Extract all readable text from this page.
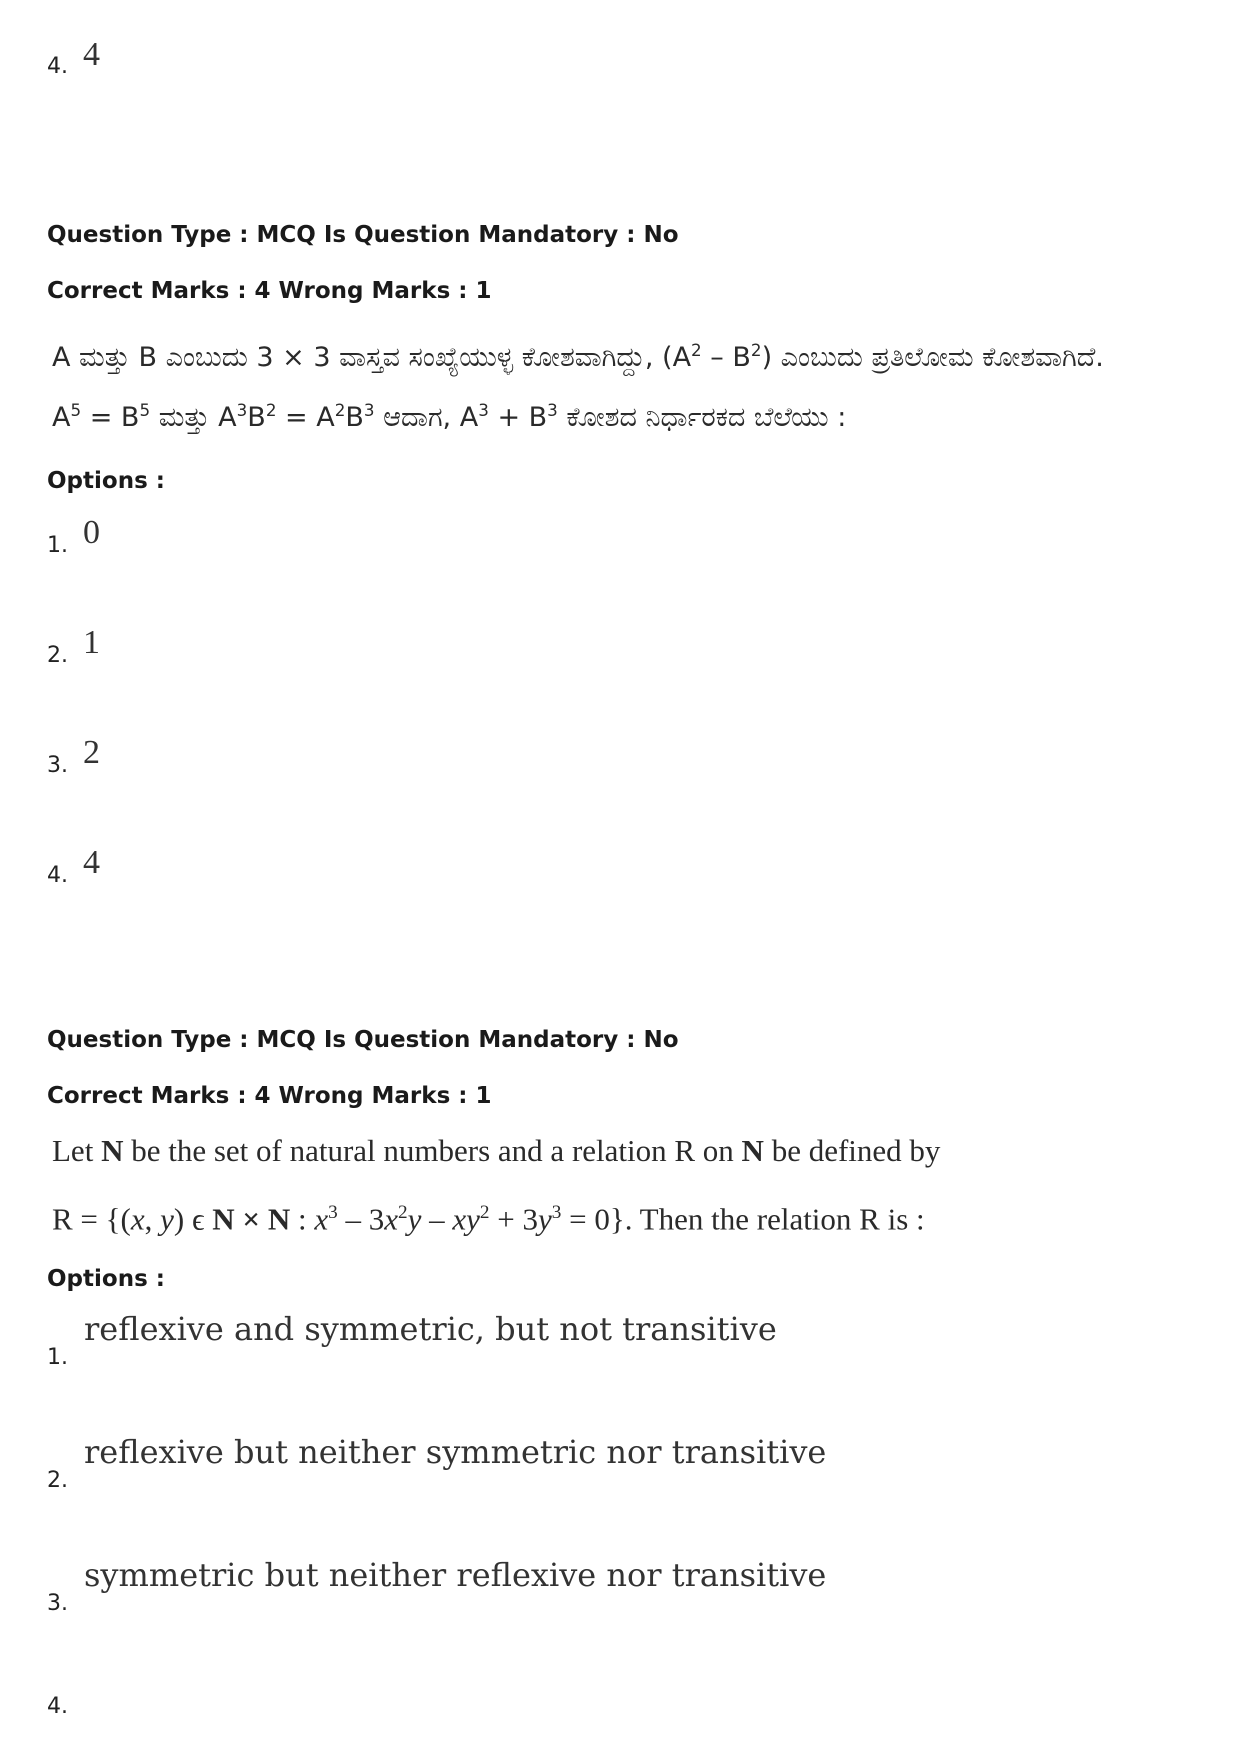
4. 4
Question Type : MCQ Is Question Mandatory : No
Correct Marks : 4 Wrong Marks : 1
A ಮತ್ತು B ಎಂಬುದು 3 × 3 ವಾಸ್ತವ ಸಂಖ್ಯೆಯುಳ್ಳ ಕೋಶವಾಗಿದ್ದು, $(A^2 - B^2)$ ಎಂಬುದು ಪ್ರತಿಲೋಮ ಕೋಶವಾಗಿದೆ.
$A^5 = B^5$ ಮತ್ತು $A^3B^2 = A^2B^3$ ಆದಾಗ, $A^3 + B^3$ ಕೋಶದ ನಿರ್ಧಾರಕದ ಬೆಲೆಯು :
Options :
1. 0
2. 1
3. 2
4. 4
Question Type : MCQ Is Question Mandatory : No
Correct Marks : 4 Wrong Marks : 1
Let N be the set of natural numbers and a relation R on N be defined by
R = {(x, y) ϵ N × N : $x^3 - 3x^2y - xy^2 + 3y^3 = 0$}. Then the relation R is :
Options :
1.
reflexive and symmetric, but not transitive
2.
reflexive but neither symmetric nor transitive
3.
symmetric but neither reflexive nor transitive
4.
